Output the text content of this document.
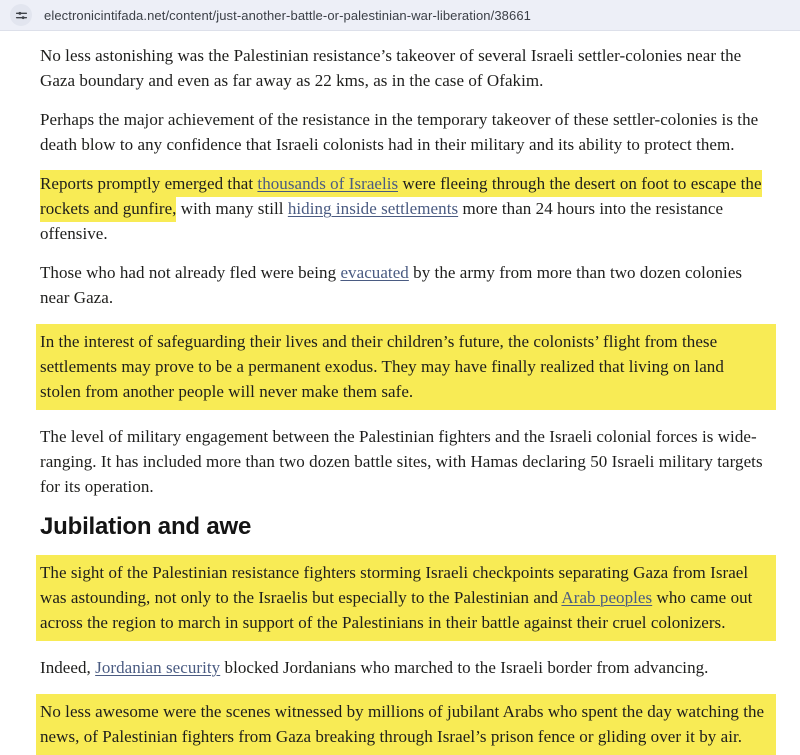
electronicintifada.net/content/just-another-battle-or-palestinian-war-liberation/38661

No less astonishing was the Palestinian resistance’s takeover of several Israeli settler-colonies near the Gaza boundary and even as far away as 22 kms, as in the case of Ofakim.

Perhaps the major achievement of the resistance in the temporary takeover of these settler-colonies is the death blow to any confidence that Israeli colonists had in their military and its ability to protect them.

Reports promptly emerged that thousands of Israelis were fleeing through the desert on foot to escape the rockets and gunfire, with many still hiding inside settlements more than 24 hours into the resistance offensive.

Those who had not already fled were being evacuated by the army from more than two dozen colonies near Gaza.

In the interest of safeguarding their lives and their children’s future, the colonists’ flight from these settlements may prove to be a permanent exodus. They may have finally realized that living on land stolen from another people will never make them safe.

The level of military engagement between the Palestinian fighters and the Israeli colonial forces is wide-ranging. It has included more than two dozen battle sites, with Hamas declaring 50 Israeli military targets for its operation.

Jubilation and awe

The sight of the Palestinian resistance fighters storming Israeli checkpoints separating Gaza from Israel was astounding, not only to the Israelis but especially to the Palestinian and Arab peoples who came out across the region to march in support of the Palestinians in their battle against their cruel colonizers.

Indeed, Jordanian security blocked Jordanians who marched to the Israeli border from advancing.

No less awesome were the scenes witnessed by millions of jubilant Arabs who spent the day watching the news, of Palestinian fighters from Gaza breaking through Israel’s prison fence or gliding over it by air.
